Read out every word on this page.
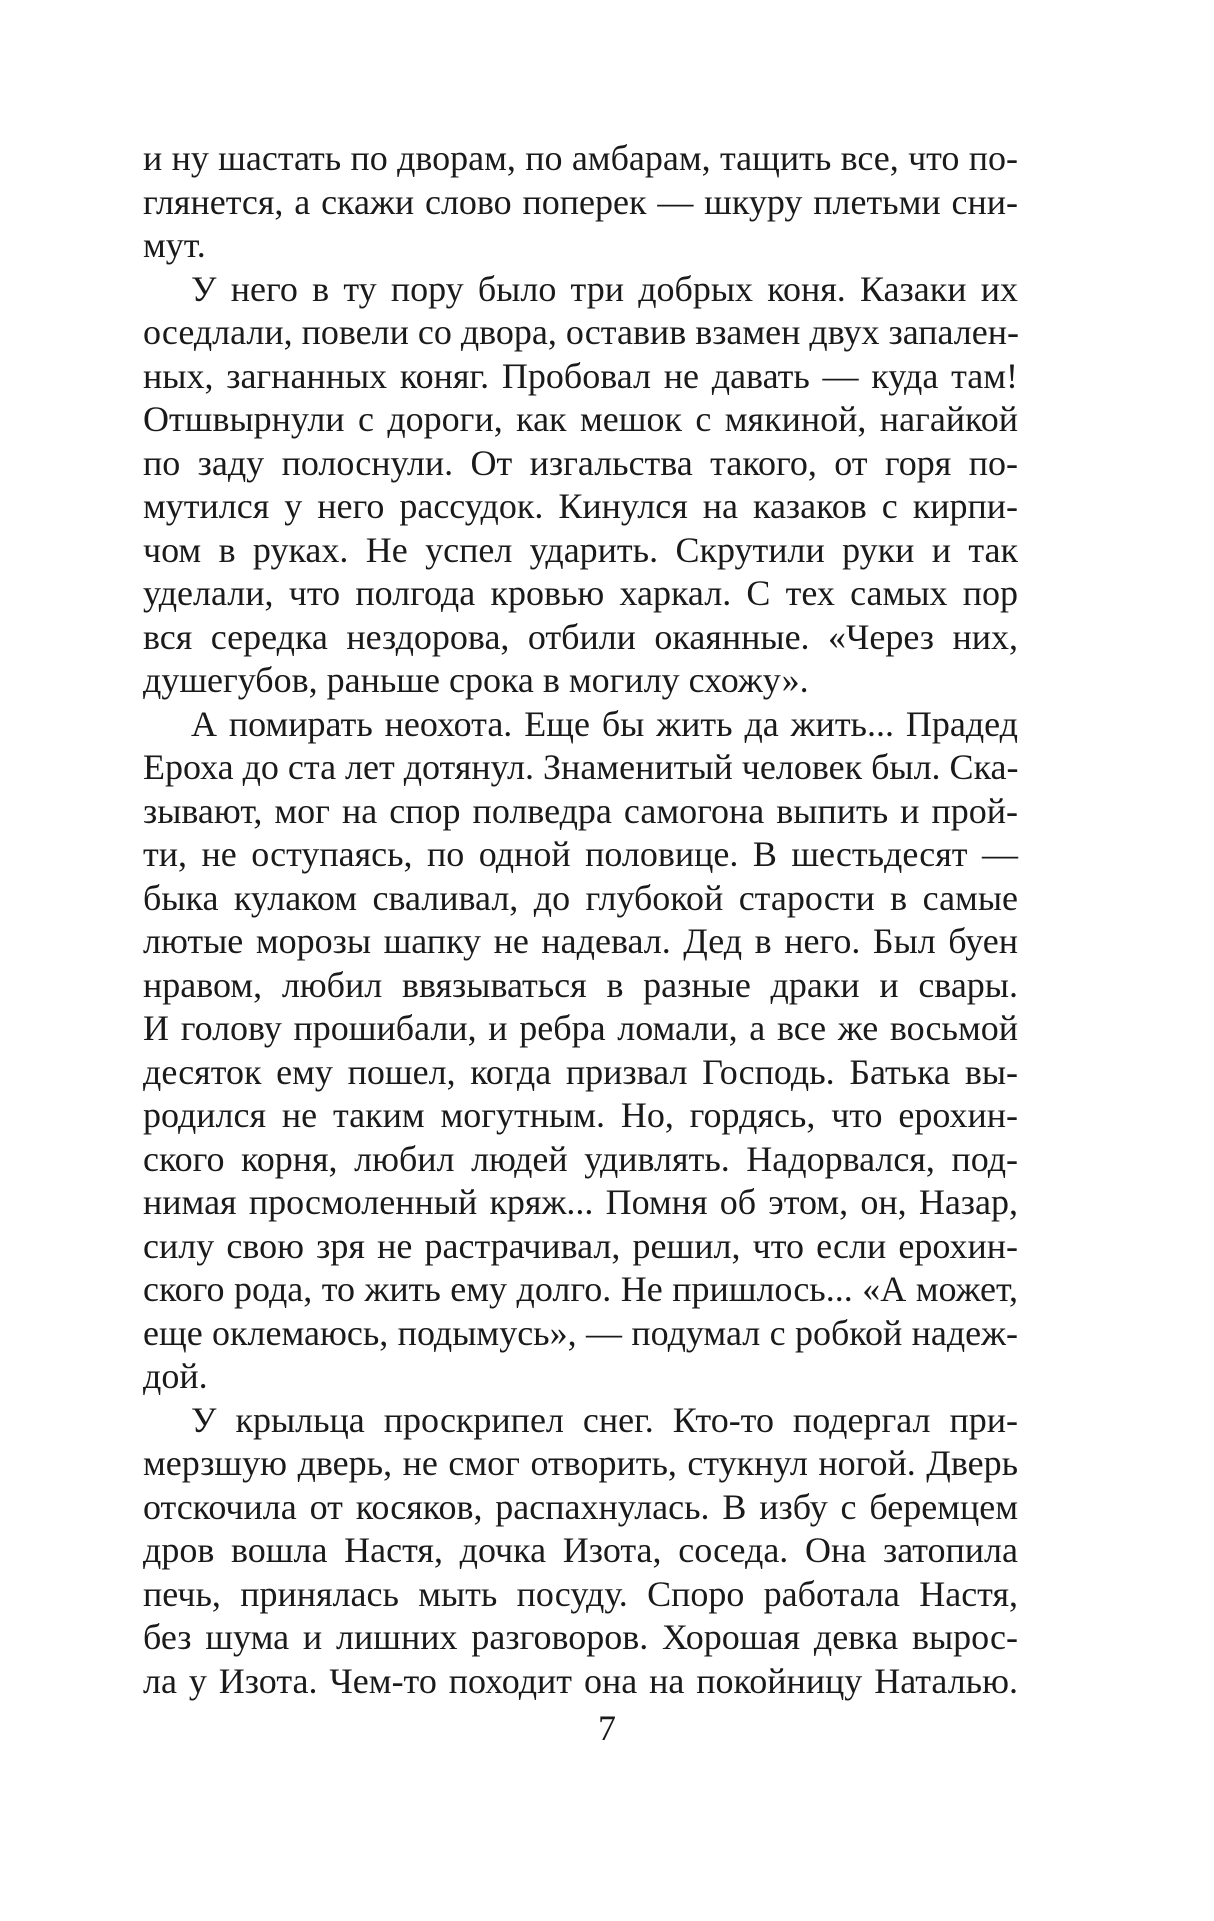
и ну шастать по дворам, по амбарам, тащить все, что по-
глянется, а скажи слово поперек — шкуру плетьми сни-
мут.
У него в ту пору было три добрых коня. Казаки их
оседлали, повели со двора, оставив взамен двух запален-
ных, загнанных коняг. Пробовал не давать — куда там!
Отшвырнули с дороги, как мешок с мякиной, нагайкой
по заду полоснули. От изгальства такого, от горя по-
мутился у него рассудок. Кинулся на казаков с кирпи-
чом в руках. Не успел ударить. Скрутили руки и так
уделали, что полгода кровью харкал. С тех самых пор
вся середка нездорова, отбили окаянные. «Через них,
душегубов, раньше срока в могилу схожу».
А помирать неохота. Еще бы жить да жить... Прадед
Ероха до ста лет дотянул. Знаменитый человек был. Ска-
зывают, мог на спор полведра самогона выпить и прой-
ти, не оступаясь, по одной половице. В шестьдесят —
быка кулаком сваливал, до глубокой старости в самые
лютые морозы шапку не надевал. Дед в него. Был буен
нравом, любил ввязываться в разные драки и свары.
И голову прошибали, и ребра ломали, а все же восьмой
десяток ему пошел, когда призвал Господь. Батька вы-
родился не таким могутным. Но, гордясь, что ерохин-
ского корня, любил людей удивлять. Надорвался, под-
нимая просмоленный кряж... Помня об этом, он, Назар,
силу свою зря не растрачивал, решил, что если ерохин-
ского рода, то жить ему долго. Не пришлось... «А может,
еще оклемаюсь, подымусь», — подумал с робкой надеж-
дой.
У крыльца проскрипел снег. Кто-то подергал при-
мерзшую дверь, не смог отворить, стукнул ногой. Дверь
отскочила от косяков, распахнулась. В избу с беремцем
дров вошла Настя, дочка Изота, соседа. Она затопила
печь, принялась мыть посуду. Споро работала Настя,
без шума и лишних разговоров. Хорошая девка вырос-
ла у Изота. Чем-то походит она на покойницу Наталью.
7
